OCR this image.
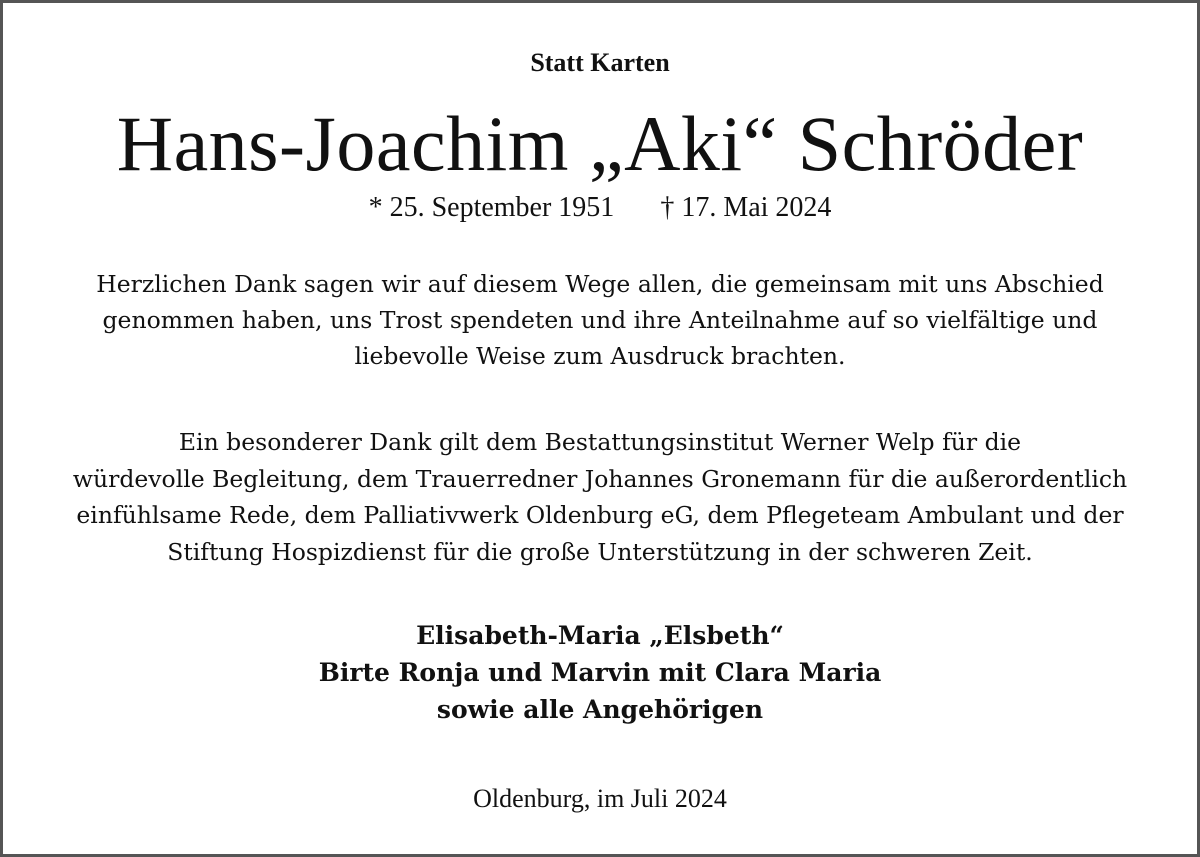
Statt Karten
Hans-Joachim „Aki“ Schröder
* 25. September 1951 † 17. Mai 2024
Herzlichen Dank sagen wir auf diesem Wege allen, die gemeinsam mit uns Abschied
genommen haben, uns Trost spendeten und ihre Anteilnahme auf so vielfältige und
liebevolle Weise zum Ausdruck brachten.
Ein besonderer Dank gilt dem Bestattungsinstitut Werner Welp für die
würdevolle Begleitung, dem Trauerredner Johannes Gronemann für die außerordentlich
einfühlsame Rede, dem Palliativwerk Oldenburg eG, dem Pflegeteam Ambulant und der
Stiftung Hospizdienst für die große Unterstützung in der schweren Zeit.
Elisabeth-Maria „Elsbeth“
Birte Ronja und Marvin mit Clara Maria
sowie alle Angehörigen
Oldenburg, im Juli 2024
